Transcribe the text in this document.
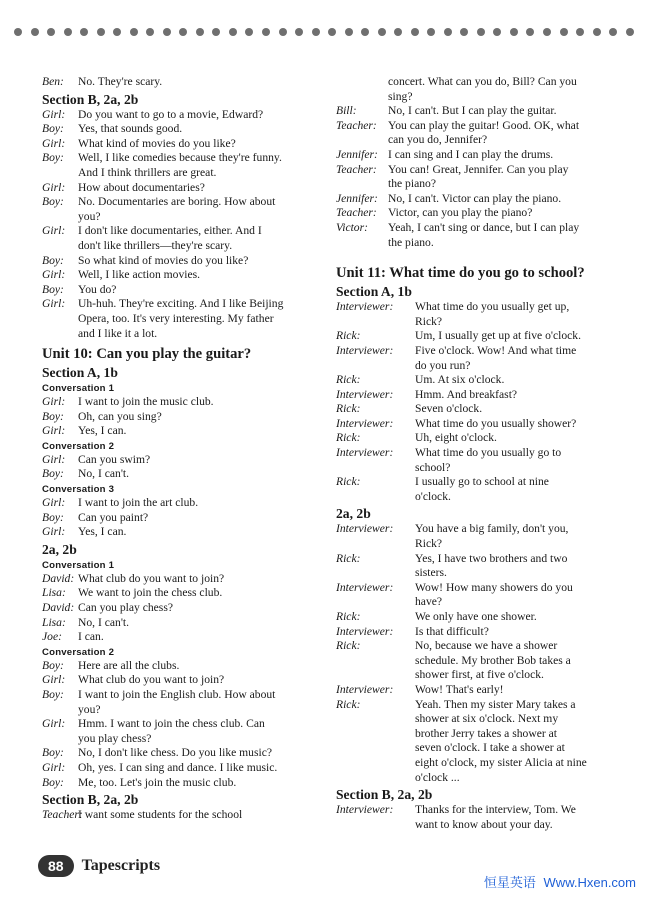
Ben:	No. They're scary.
Section B, 2a, 2b
Girl:	Do you want to go to a movie, Edward?
Boy:	Yes, that sounds good.
Girl:	What kind of movies do you like?
Boy:	Well, I like comedies because they're funny.
And I think thrillers are great.
Girl:	How about documentaries?
Boy:	No. Documentaries are boring. How about
you?
Girl:	I don't like documentaries, either. And I
don't like thrillers—they're scary.
Boy:	So what kind of movies do you like?
Girl:	Well, I like action movies.
Boy:	You do?
Girl:	Uh-huh. They're exciting. And I like Beijing
Opera, too. It's very interesting. My father
and I like it a lot.
Unit 10: Can you play the guitar?
Section A, 1b
Conversation 1
Girl:	I want to join the music club.
Boy:	Oh, can you sing?
Girl:	Yes, I can.
Conversation 2
Girl:	Can you swim?
Boy:	No, I can't.
Conversation 3
Girl:	I want to join the art club.
Boy:	Can you paint?
Girl:	Yes, I can.
2a, 2b
Conversation 1
David: What club do you want to join?
Lisa:	We want to join the chess club.
David: Can you play chess?
Lisa:	No, I can't.
Joe:	I can.
Conversation 2
Boy:	Here are all the clubs.
Girl:	What club do you want to join?
Boy:	I want to join the English club. How about
you?
Girl:	Hmm. I want to join the chess club. Can
you play chess?
Boy:	No, I don't like chess. Do you like music?
Girl:	Oh, yes. I can sing and dance. I like music.
Boy:	Me, too. Let's join the music club.
Section B, 2a, 2b
Teacher:
I want some students for the school
concert. What can you do, Bill? Can you
sing?
Bill:	No, I can't. But I can play the guitar.
Teacher: You can play the guitar! Good. OK, what
can you do, Jennifer?
Jennifer: I can sing and I can play the drums.
Teacher: You can! Great, Jennifer. Can you play
the piano?
Jennifer: No, I can't. Victor can play the piano.
Teacher: Victor, can you play the piano?
Victor:	Yeah, I can't sing or dance, but I can play
the piano.
Unit 11: What time do you go to school?
Section A, 1b
Interviewer:	What time do you usually get up,
Rick?
Rick:	Um, I usually get up at five o'clock.
Interviewer:	Five o'clock. Wow! And what time
do you run?
Rick:	Um. At six o'clock.
Interviewer:	Hmm. And breakfast?
Rick:	Seven o'clock.
Interviewer:	What time do you usually shower?
Rick:	Uh, eight o'clock.
Interviewer:	What time do you usually go to
school?
Rick:	I usually go to school at nine
o'clock.
2a, 2b
Interviewer:	You have a big family, don't you,
Rick?
Rick:	Yes, I have two brothers and two
sisters.
Interviewer:	Wow! How many showers do you
have?
Rick:	We only have one shower.
Interviewer:	Is that difficult?
Rick:	No, because we have a shower
schedule. My brother Bob takes a
shower first, at five o'clock.
Interviewer:	Wow! That's early!
Rick:	Yeah. Then my sister Mary takes a
shower at six o'clock. Next my
brother Jerry takes a shower at
seven o'clock. I take a shower at
eight o'clock, my sister Alicia at nine
o'clock ...
Section B, 2a, 2b
Interviewer:	Thanks for the interview, Tom. We
want to know about your day.
88	Tapescripts
恒星英语 Www.Hxen.com
